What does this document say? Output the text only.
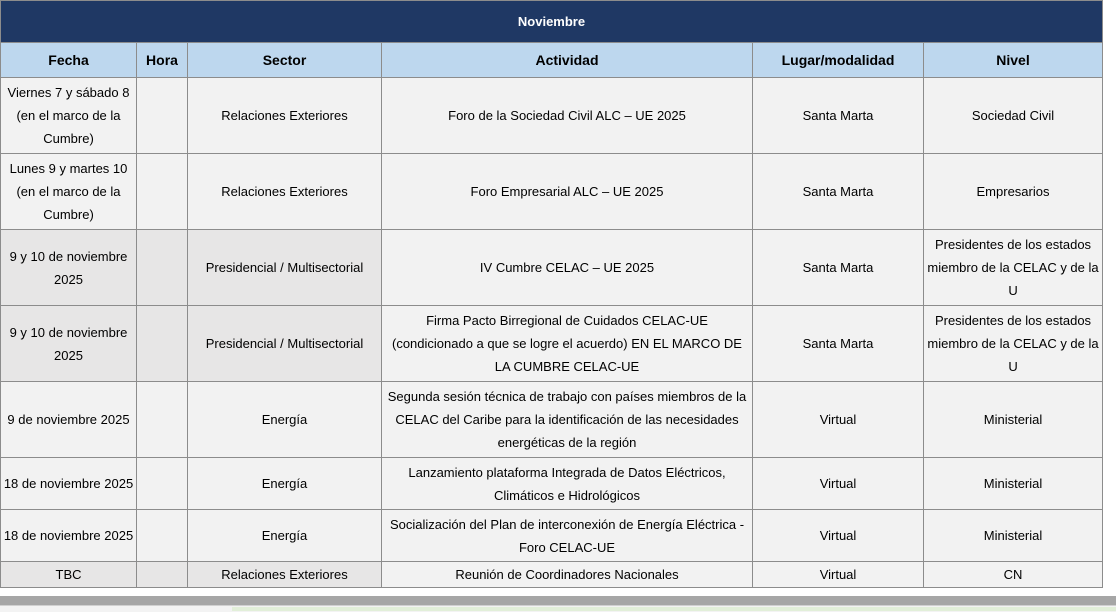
Noviembre					
Fecha	Hora	Sector	Actividad	Lugar/modalidad	Nivel
Viernes 7 y sábado 8 (en el marco de la Cumbre)		Relaciones Exteriores	Foro de la Sociedad Civil ALC – UE 2025	Santa Marta	Sociedad Civil
Lunes 9 y martes 10 (en el marco de la Cumbre)		Relaciones Exteriores	Foro Empresarial ALC – UE 2025	Santa Marta	Empresarios
9 y 10 de noviembre 2025		Presidencial / Multisectorial	IV Cumbre CELAC – UE 2025	Santa Marta	Presidentes de los estados miembro de la CELAC y de la U
9 y 10 de noviembre 2025		Presidencial / Multisectorial	Firma Pacto Birregional de Cuidados CELAC-UE (condicionado a que se logre el acuerdo) EN EL MARCO DE LA CUMBRE CELAC-UE	Santa Marta	Presidentes de los estados miembro de la CELAC y de la U
9 de noviembre 2025		Energía	Segunda sesión técnica de trabajo con países miembros de la CELAC del Caribe para la identificación de las necesidades energéticas de la región	Virtual	Ministerial
18 de noviembre 2025		Energía	Lanzamiento plataforma Integrada de Datos Eléctricos, Climáticos e Hidrológicos	Virtual	Ministerial
18 de noviembre 2025		Energía	Socialización del Plan de interconexión de Energía Eléctrica - Foro CELAC-UE	Virtual	Ministerial
TBC		Relaciones Exteriores	Reunión de Coordinadores Nacionales	Virtual	CN
